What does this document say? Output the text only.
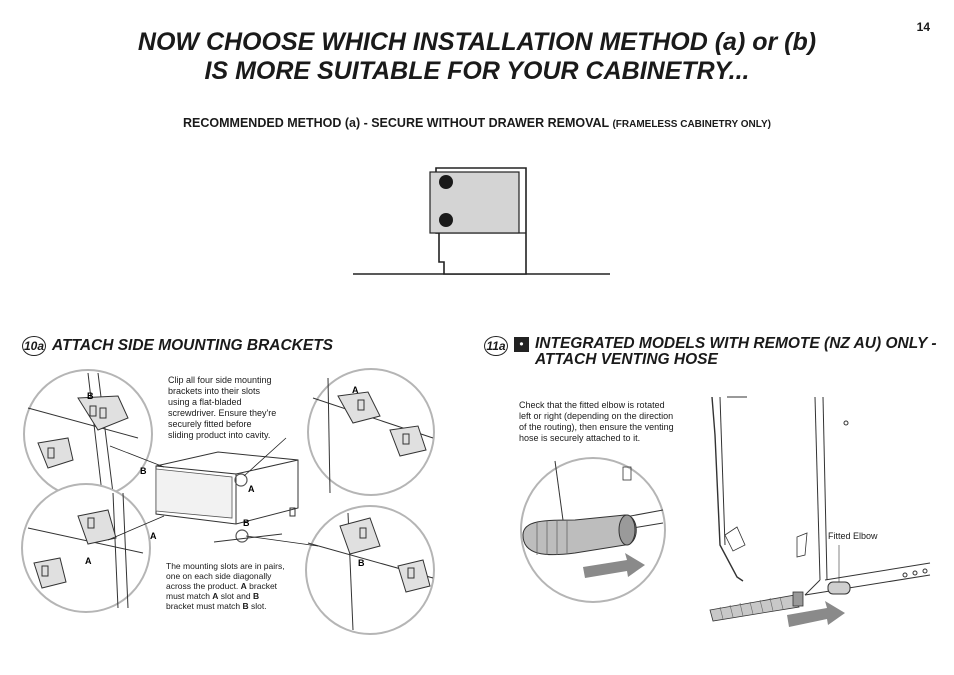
14
NOW CHOOSE WHICH INSTALLATION METHOD (a) or (b)
IS MORE SUITABLE FOR YOUR CABINETRY...
RECOMMENDED METHOD (a) - SECURE WITHOUT DRAWER REMOVAL (FRAMELESS CABINETRY ONLY)
10a ATTACH SIDE MOUNTING BRACKETS
B
A
A	B
B
A
A
B
Clip all four side mounting
brackets into their slots
using a flat-bladed
screwdriver. Ensure they're
securely fitted before
sliding product into cavity.
The mounting slots are in pairs,
one on each side diagonally
across the product. A bracket
must match A slot and B
bracket must match B slot.
11a	• INTEGRATED MODELS WITH REMOTE (NZ AU) ONLY -
ATTACH VENTING HOSE
Check that the fitted elbow is rotated
left or right (depending on the direction
of the routing), then ensure the venting
hose is securely attached to it.
Fitted Elbow
